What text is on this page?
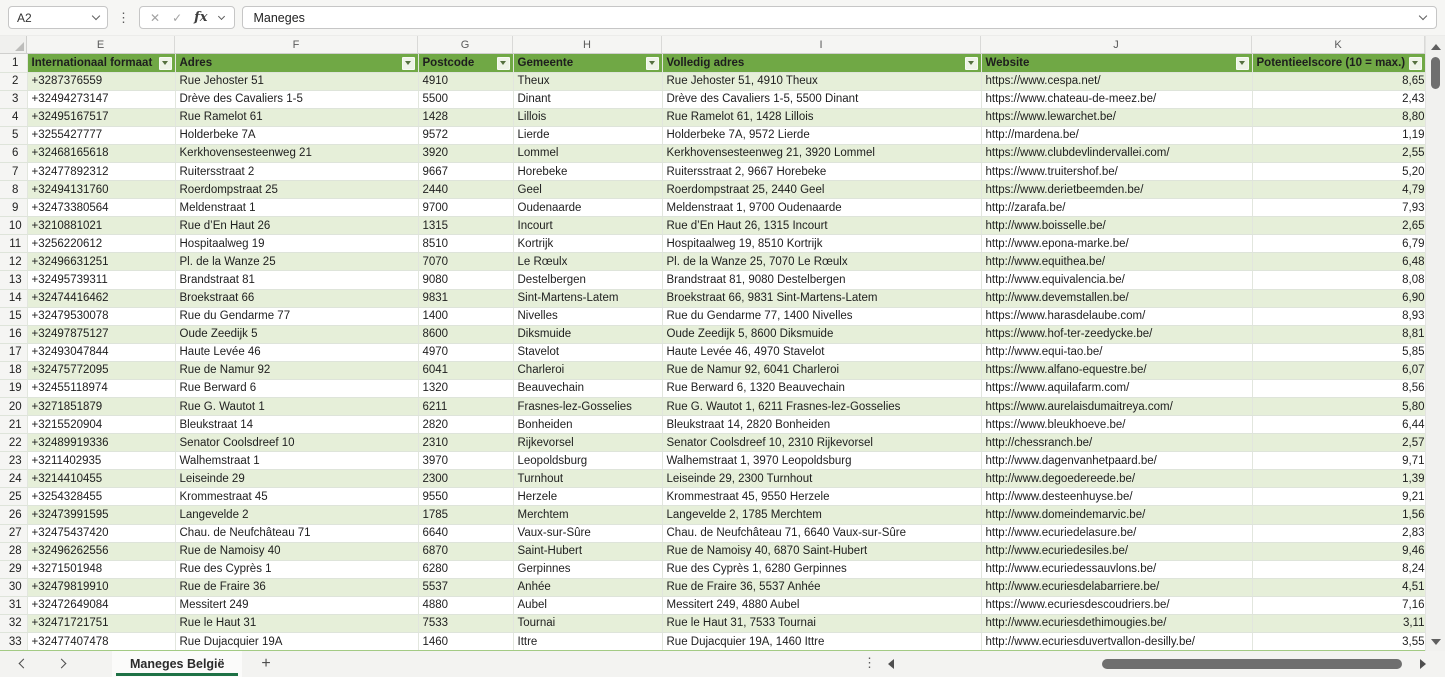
A2	⋮ ✕ ✓ fx	Maneges
E	F	G	H	I	J	K
1	Internationaal formaat	Adres	Postcode	Gemeente	Volledig adres	Website	Potentieelscore (10 = max.)

2	+3287376559	Rue Jehoster 51	4910	Theux	Rue Jehoster 51, 4910 Theux	https://www.cespa.net/	8,65
3	+32494273147	Drève des Cavaliers 1-5	5500	Dinant	Drève des Cavaliers 1-5, 5500 Dinant	https://www.chateau-de-meez.be/	2,43
4	+32495167517	Rue Ramelot 61	1428	Lillois	Rue Ramelot 61, 1428 Lillois	https://www.lewarchet.be/	8,80
5	+3255427777	Holderbeke 7A	9572	Lierde	Holderbeke 7A, 9572 Lierde	http://mardena.be/	1,19
6	+32468165618	Kerkhovensesteenweg 21	3920	Lommel	Kerkhovensesteenweg 21, 3920 Lommel	https://www.clubdevlindervallei.com/	2,55
7	+32477892312	Ruitersstraat 2	9667	Horebeke	Ruitersstraat 2, 9667 Horebeke	https://www.truitershof.be/	5,20
8	+32494131760	Roerdompstraat 25	2440	Geel	Roerdompstraat 25, 2440 Geel	https://www.derietbeemden.be/	4,79
9	+32473380564	Meldenstraat 1	9700	Oudenaarde	Meldenstraat 1, 9700 Oudenaarde	http://zarafa.be/	7,93
10	+3210881021	Rue d’En Haut 26	1315	Incourt	Rue d’En Haut 26, 1315 Incourt	http://www.boisselle.be/	2,65
11	+3256220612	Hospitaalweg 19	8510	Kortrijk	Hospitaalweg 19, 8510 Kortrijk	http://www.epona-marke.be/	6,79
12	+32496631251	Pl. de la Wanze 25	7070	Le Rœulx	Pl. de la Wanze 25, 7070 Le Rœulx	http://www.equithea.be/	6,48
13	+32495739311	Brandstraat 81	9080	Destelbergen	Brandstraat 81, 9080 Destelbergen	http://www.equivalencia.be/	8,08
14	+32474416462	Broekstraat 66	9831	Sint-Martens-Latem	Broekstraat 66, 9831 Sint-Martens-Latem	http://www.devemstallen.be/	6,90
15	+32479530078	Rue du Gendarme 77	1400	Nivelles	Rue du Gendarme 77, 1400 Nivelles	https://www.harasdelaube.com/	8,93
16	+32497875127	Oude Zeedijk 5	8600	Diksmuide	Oude Zeedijk 5, 8600 Diksmuide	https://www.hof-ter-zeedycke.be/	8,81
17	+32493047844	Haute Levée 46	4970	Stavelot	Haute Levée 46, 4970 Stavelot	http://www.equi-tao.be/	5,85
18	+32475772095	Rue de Namur 92	6041	Charleroi	Rue de Namur 92, 6041 Charleroi	https://www.alfano-equestre.be/	6,07
19	+32455118974	Rue Berward 6	1320	Beauvechain	Rue Berward 6, 1320 Beauvechain	https://www.aquilafarm.com/	8,56
20	+3271851879	Rue G. Wautot 1	6211	Frasnes-lez-Gosselies	Rue G. Wautot 1, 6211 Frasnes-lez-Gosselies	https://www.aurelaisdumaitreya.com/	5,80
21	+3215520904	Bleukstraat 14	2820	Bonheiden	Bleukstraat 14, 2820 Bonheiden	https://www.bleukhoeve.be/	6,44
22	+32489919336	Senator Coolsdreef 10	2310	Rijkevorsel	Senator Coolsdreef 10, 2310 Rijkevorsel	http://chessranch.be/	2,57
23	+3211402935	Walhemstraat 1	3970	Leopoldsburg	Walhemstraat 1, 3970 Leopoldsburg	http://www.dagenvanhetpaard.be/	9,71
24	+3214410455	Leiseinde 29	2300	Turnhout	Leiseinde 29, 2300 Turnhout	http://www.degoedereede.be/	1,39
25	+3254328455	Krommestraat 45	9550	Herzele	Krommestraat 45, 9550 Herzele	http://www.desteenhuyse.be/	9,21
26	+32473991595	Langevelde 2	1785	Merchtem	Langevelde 2, 1785 Merchtem	http://www.domeindemarvic.be/	1,56
27	+32475437420	Chau. de Neufchâteau 71	6640	Vaux-sur-Sûre	Chau. de Neufchâteau 71, 6640 Vaux-sur-Sûre	http://www.ecuriedelasure.be/	2,83
28	+32496262556	Rue de Namoisy 40	6870	Saint-Hubert	Rue de Namoisy 40, 6870 Saint-Hubert	http://www.ecuriedesiles.be/	9,46
29	+3271501948	Rue des Cyprès 1	6280	Gerpinnes	Rue des Cyprès 1, 6280 Gerpinnes	http://www.ecuriedessauvlons.be/	8,24
30	+32479819910	Rue de Fraire 36	5537	Anhée	Rue de Fraire 36, 5537 Anhée	http://www.ecuriesdelabarriere.be/	4,51
31	+32472649084	Messitert 249	4880	Aubel	Messitert 249, 4880 Aubel	https://www.ecuriesdescoudriers.be/	7,16
32	+32471721751	Rue le Haut 31	7533	Tournai	Rue le Haut 31, 7533 Tournai	http://www.ecuriesdethimougies.be/	3,11
33	+32477407478	Rue Dujacquier 19A	1460	Ittre	Rue Dujacquier 19A, 1460 Ittre	http://www.ecuriesduvertvallon-desilly.be/	3,55
Maneges België	+	⋮
